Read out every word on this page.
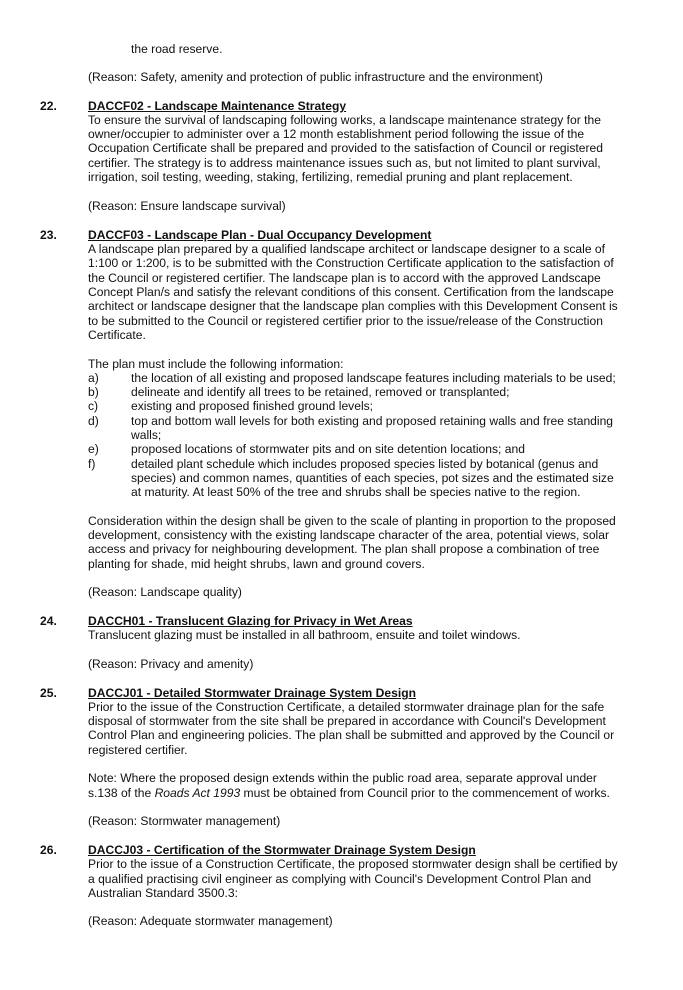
the road reserve.
(Reason: Safety, amenity and protection of public infrastructure and the environment)
22.	DACCF02 - Landscape Maintenance Strategy
To ensure the survival of landscaping following works, a landscape maintenance strategy for the
owner/occupier to administer over a 12 month establishment period following the issue of the
Occupation Certificate shall be prepared and provided to the satisfaction of Council or registered
certifier. The strategy is to address maintenance issues such as, but not limited to plant survival,
irrigation, soil testing, weeding, staking, fertilizing, remedial pruning and plant replacement.
(Reason: Ensure landscape survival)
23.	DACCF03 - Landscape Plan - Dual Occupancy Development
A landscape plan prepared by a qualified landscape architect or landscape designer to a scale of
1:100 or 1:200, is to be submitted with the Construction Certificate application to the satisfaction of
the Council or registered certifier. The landscape plan is to accord with the approved Landscape
Concept Plan/s and satisfy the relevant conditions of this consent. Certification from the landscape
architect or landscape designer that the landscape plan complies with this Development Consent is
to be submitted to the Council or registered certifier prior to the issue/release of the Construction
Certificate.
The plan must include the following information:
a)	the location of all existing and proposed landscape features including materials to be used;
b)	delineate and identify all trees to be retained, removed or transplanted;
c)	existing and proposed finished ground levels;
d)	top and bottom wall levels for both existing and proposed retaining walls and free standing
walls;
e)	proposed locations of stormwater pits and on site detention locations; and
f)	detailed plant schedule which includes proposed species listed by botanical (genus and
species) and common names, quantities of each species, pot sizes and the estimated size
at maturity. At least 50% of the tree and shrubs shall be species native to the region.
Consideration within the design shall be given to the scale of planting in proportion to the proposed
development, consistency with the existing landscape character of the area, potential views, solar
access and privacy for neighbouring development. The plan shall propose a combination of tree
planting for shade, mid height shrubs, lawn and ground covers.
(Reason: Landscape quality)
24.	DACCH01 - Translucent Glazing for Privacy in Wet Areas
Translucent glazing must be installed in all bathroom, ensuite and toilet windows.
(Reason: Privacy and amenity)
25.	DACCJ01 - Detailed Stormwater Drainage System Design
Prior to the issue of the Construction Certificate, a detailed stormwater drainage plan for the safe
disposal of stormwater from the site shall be prepared in accordance with Council's Development
Control Plan and engineering policies. The plan shall be submitted and approved by the Council or
registered certifier.
Note: Where the proposed design extends within the public road area, separate approval under
s.138 of the Roads Act 1993 must be obtained from Council prior to the commencement of works.
(Reason: Stormwater management)
26.	DACCJ03 - Certification of the Stormwater Drainage System Design
Prior to the issue of a Construction Certificate, the proposed stormwater design shall be certified by
a qualified practising civil engineer as complying with Council's Development Control Plan and
Australian Standard 3500.3:
(Reason: Adequate stormwater management)
